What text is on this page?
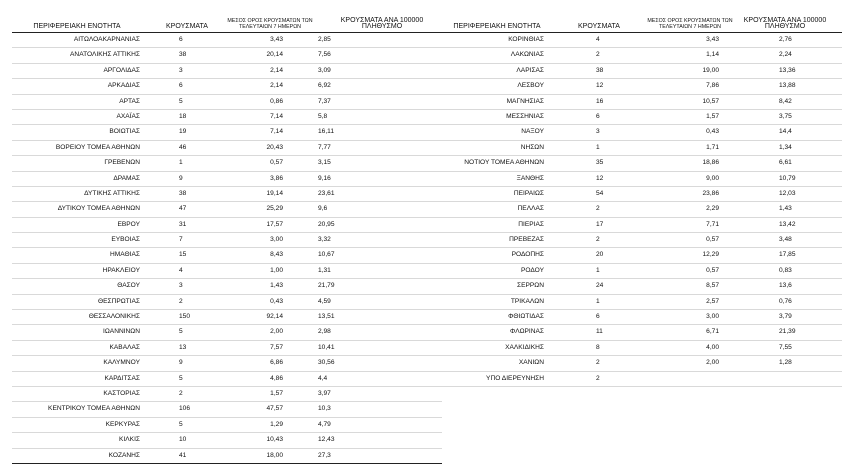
ΠΕΡΙΦΕΡΕΙΑΚΗ ΕΝΟΤΗΤΑ	ΚΡΟΥΣΜΑΤΑ
ΜΕΣΟΣ ΟΡΟΣ ΚΡΟΥΣΜΑΤΩΝ ΤΩΝ
ΤΕΛΕΥΤΑΙΩΝ 7 ΗΜΕΡΩΝ
ΚΡΟΥΣΜΑΤΑ ΑΝΑ 100000 ΠΛΗΘΥΣΜΟ
ΑΙΤΩΛΟΑΚΑΡΝΑΝΙΑΣ	6	3,43	2,85
ΑΝΑΤΟΛΙΚΗΣ ΑΤΤΙΚΗΣ	38	20,14	7,56
ΑΡΓΟΛΙΔΑΣ	3	2,14	3,09
ΑΡΚΑΔΙΑΣ	6	2,14	6,92
ΑΡΤΑΣ	5	0,86	7,37
ΑΧΑΪΑΣ	18	7,14	5,8
ΒΟΙΩΤΙΑΣ	19	7,14	16,11
ΒΟΡΕΙΟΥ ΤΟΜΕΑ ΑΘΗΝΩΝ	46	20,43	7,77
ΓΡΕΒΕΝΩΝ	1	0,57	3,15
ΔΡΑΜΑΣ	9	3,86	9,16
ΔΥΤΙΚΗΣ ΑΤΤΙΚΗΣ	38	19,14	23,61
ΔΥΤΙΚΟΥ ΤΟΜΕΑ ΑΘΗΝΩΝ	47	25,29	9,6
ΕΒΡΟΥ	31	17,57	20,95
ΕΥΒΟΙΑΣ	7	3,00	3,32
ΗΜΑΘΙΑΣ	15	8,43	10,67
ΗΡΑΚΛΕΙΟΥ	4	1,00	1,31
ΘΑΣΟΥ	3	1,43	21,79
ΘΕΣΠΡΩΤΙΑΣ	2	0,43	4,59
ΘΕΣΣΑΛΟΝΙΚΗΣ	150	92,14	13,51
ΙΩΑΝΝΙΝΩΝ	5	2,00	2,98
ΚΑΒΑΛΑΣ	13	7,57	10,41
ΚΑΛΥΜΝΟΥ	9	6,86	30,56
ΚΑΡΔΙΤΣΑΣ	5	4,86	4,4
ΚΑΣΤΟΡΙΑΣ	2	1,57	3,97
ΚΕΝΤΡΙΚΟΥ ΤΟΜΕΑ ΑΘΗΝΩΝ	106	47,57	10,3
ΚΕΡΚΥΡΑΣ	5	1,29	4,79
ΚΙΛΚΙΣ	10	10,43	12,43
ΚΟΖΑΝΗΣ	41	18,00	27,3
ΠΕΡΙΦΕΡΕΙΑΚΗ ΕΝΟΤΗΤΑ	ΚΡΟΥΣΜΑΤΑ
ΜΕΣΟΣ ΟΡΟΣ ΚΡΟΥΣΜΑΤΩΝ ΤΩΝ
ΤΕΛΕΥΤΑΙΩΝ 7 ΗΜΕΡΩΝ
ΚΡΟΥΣΜΑΤΑ ΑΝΑ 100000 ΠΛΗΘΥΣΜΟ
ΚΟΡΙΝΘΙΑΣ	4	3,43	2,76
ΛΑΚΩΝΙΑΣ	2	1,14	2,24
ΛΑΡΙΣΑΣ	38	19,00	13,36
ΛΕΣΒΟΥ	12	7,86	13,88
ΜΑΓΝΗΣΙΑΣ	16	10,57	8,42
ΜΕΣΣΗΝΙΑΣ	6	1,57	3,75
ΝΑΞΟΥ	3	0,43	14,4
ΝΗΣΩΝ	1	1,71	1,34
ΝΟΤΙΟΥ ΤΟΜΕΑ ΑΘΗΝΩΝ	35	18,86	6,61
ΞΑΝΘΗΣ	12	9,00	10,79
ΠΕΙΡΑΙΩΣ	54	23,86	12,03
ΠΕΛΛΑΣ	2	2,29	1,43
ΠΙΕΡΙΑΣ	17	7,71	13,42
ΠΡΕΒΕΖΑΣ	2	0,57	3,48
ΡΟΔΟΠΗΣ	20	12,29	17,85
ΡΟΔΟΥ	1	0,57	0,83
ΣΕΡΡΩΝ	24	8,57	13,6
ΤΡΙΚΑΛΩΝ	1	2,57	0,76
ΦΘΙΩΤΙΔΑΣ	6	3,00	3,79
ΦΛΩΡΙΝΑΣ	11	6,71	21,39
ΧΑΛΚΙΔΙΚΗΣ	8	4,00	7,55
ΧΑΝΙΩΝ	2	2,00	1,28
ΥΠΟ ΔΙΕΡΕΥΝΗΣΗ	2
